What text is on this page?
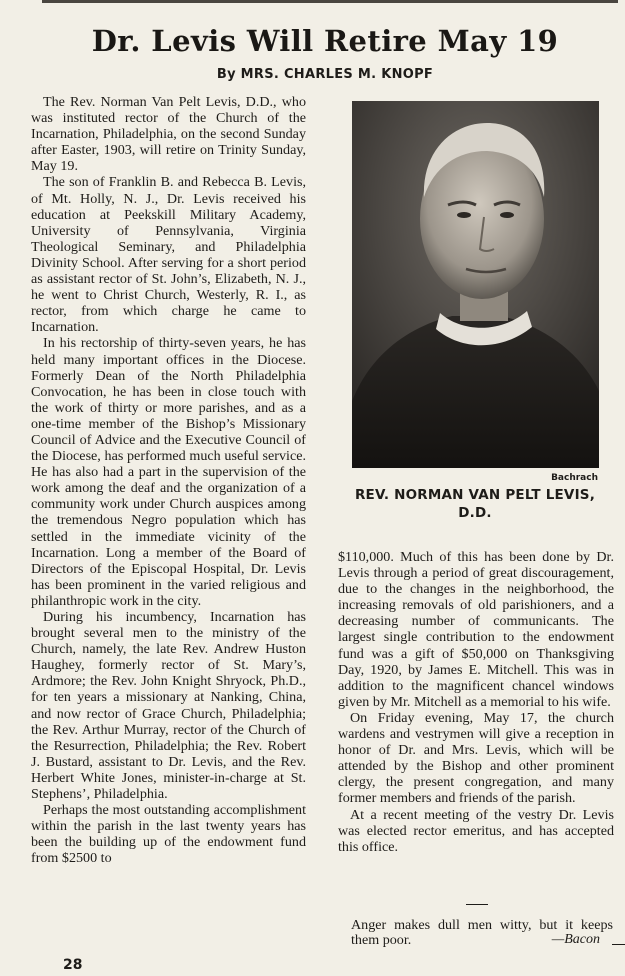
Dr. Levis Will Retire May 19
By MRS. CHARLES M. KNOPF

The Rev. Norman Van Pelt Levis, D.D., who was instituted rector of the Church of the Incarnation, Philadelphia, on the second Sunday after Easter, 1903, will retire on Trinity Sunday, May 19.

The son of Franklin B. and Rebecca B. Levis, of Mt. Holly, N. J., Dr. Levis received his education at Peekskill Military Academy, University of Pennsylvania, Virginia Theological Seminary, and Philadelphia Divinity School. After serving for a short period as assistant rector of St. John’s, Elizabeth, N. J., he went to Christ Church, Westerly, R. I., as rector, from which charge he came to Incarnation.

In his rectorship of thirty-seven years, he has held many important offices in the Diocese. Formerly Dean of the North Philadelphia Convocation, he has been in close touch with the work of thirty or more parishes, and as a one-time member of the Bishop’s Missionary Council of Advice and the Executive Council of the Diocese, has performed much useful service. He has also had a part in the supervision of the work among the deaf and the organization of a community work under Church auspices among the tremendous Negro population which has settled in the immediate vicinity of the Incarnation. Long a member of the Board of Directors of the Episcopal Hospital, Dr. Levis has been prominent in the varied religious and philanthropic work in the city.

During his incumbency, Incarnation has brought several men to the ministry of the Church, namely, the late Rev. Andrew Huston Haughey, formerly rector of St. Mary’s, Ardmore; the Rev. John Knight Shryock, Ph.D., for ten years a missionary at Nanking, China, and now rector of Grace Church, Philadelphia; the Rev. Arthur Murray, rector of the Church of the Resurrection, Philadelphia; the Rev. Robert J. Bustard, assistant to Dr. Levis, and the Rev. Herbert White Jones, minister-in-charge at St. Stephens’, Philadelphia.

Perhaps the most outstanding accomplishment within the parish in the last twenty years has been the building up of the endowment fund from $2500 to

Bachrach
REV. NORMAN VAN PELT LEVIS, D.D.

$110,000. Much of this has been done by Dr. Levis through a period of great discouragement, due to the changes in the neighborhood, the increasing removals of old parishioners, and a decreasing number of communicants. The largest single contribution to the endowment fund was a gift of $50,000 on Thanksgiving Day, 1920, by James E. Mitchell. This was in addition to the magnificent chancel windows given by Mr. Mitchell as a memorial to his wife.

On Friday evening, May 17, the church wardens and vestrymen will give a reception in honor of Dr. and Mrs. Levis, which will be attended by the Bishop and other prominent clergy, the present congregation, and many former members and friends of the parish.

At a recent meeting of the vestry Dr. Levis was elected rector emeritus, and has accepted this office.

Anger makes dull men witty, but it keeps them poor.	—Bacon
28
